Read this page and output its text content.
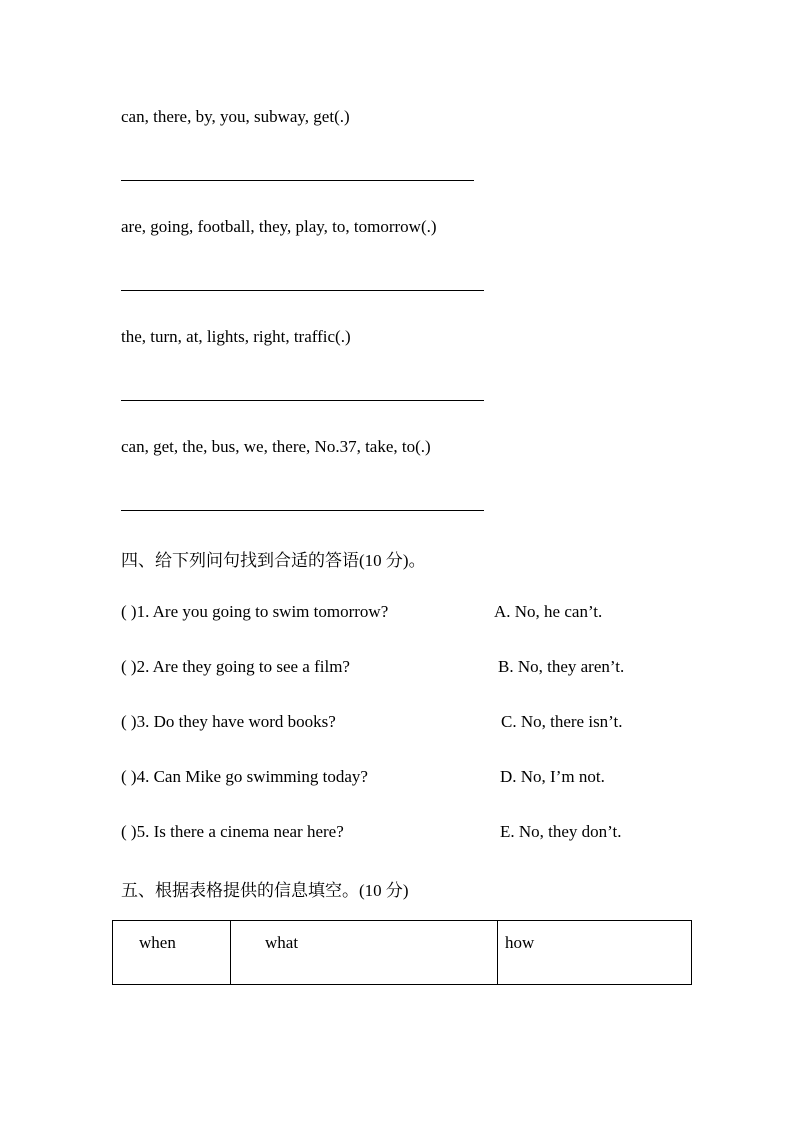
can, there, by, you, subway, get(.)
are, going, football, they, play, to, tomorrow(.)
the, turn, at, lights, right, traffic(.)
can, get, the, bus, we, there, No.37, take, to(.)
四、给下列问句找到合适的答语(10 分)。
( )1. Are you going to swim tomorrow?	A. No, he can’t.
( )2. Are they going to see a film?	B. No, they aren’t.
( )3. Do they have word books?	C. No, there isn’t.
( )4. Can Mike go swimming today?	D. No, I’m not.
( )5. Is there a cinema near here?	E. No, they don’t.
五、根据表格提供的信息填空。(10 分)
when	what	how
